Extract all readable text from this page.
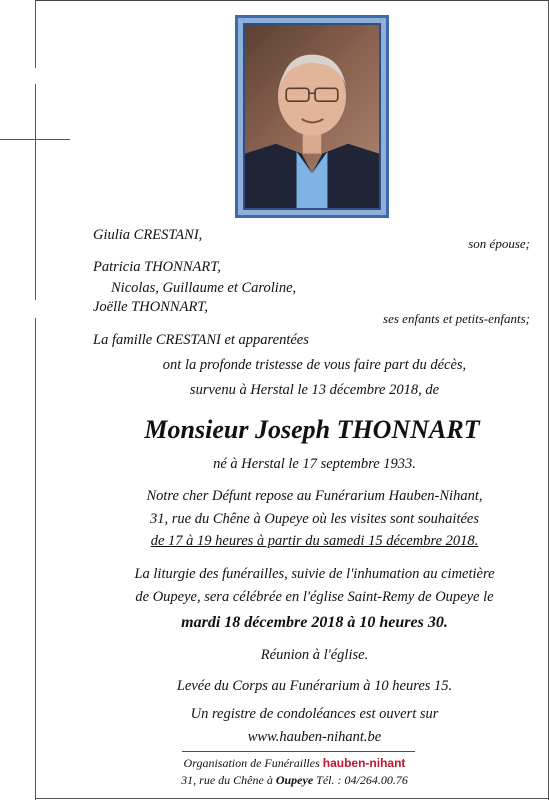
Giulia CRESTANI,
son épouse;
Patricia THONNART,
Nicolas, Guillaume et Caroline,
Joëlle THONNART,
ses enfants et petits-enfants;
La famille CRESTANI et apparentées
ont la profonde tristesse de vous faire part du décès,
survenu à Herstal le 13 décembre 2018, de
Monsieur Joseph THONNART
né à Herstal le 17 septembre 1933.
Notre cher Défunt repose au Funérarium Hauben-Nihant,
31, rue du Chêne à Oupeye où les visites sont souhaitées
de 17 à 19 heures à partir du samedi 15 décembre 2018.
La liturgie des funérailles, suivie de l'inhumation au cimetière
de Oupeye, sera célébrée en l'église Saint-Remy de Oupeye le
mardi 18 décembre 2018 à 10 heures 30.
Réunion à l'église.
Levée du Corps au Funérarium à 10 heures 15.
Un registre de condoléances est ouvert sur
www.hauben-nihant.be
Organisation de Funérailles hauben-nihant
31, rue du Chêne à Oupeye Tél. : 04/264.00.76
